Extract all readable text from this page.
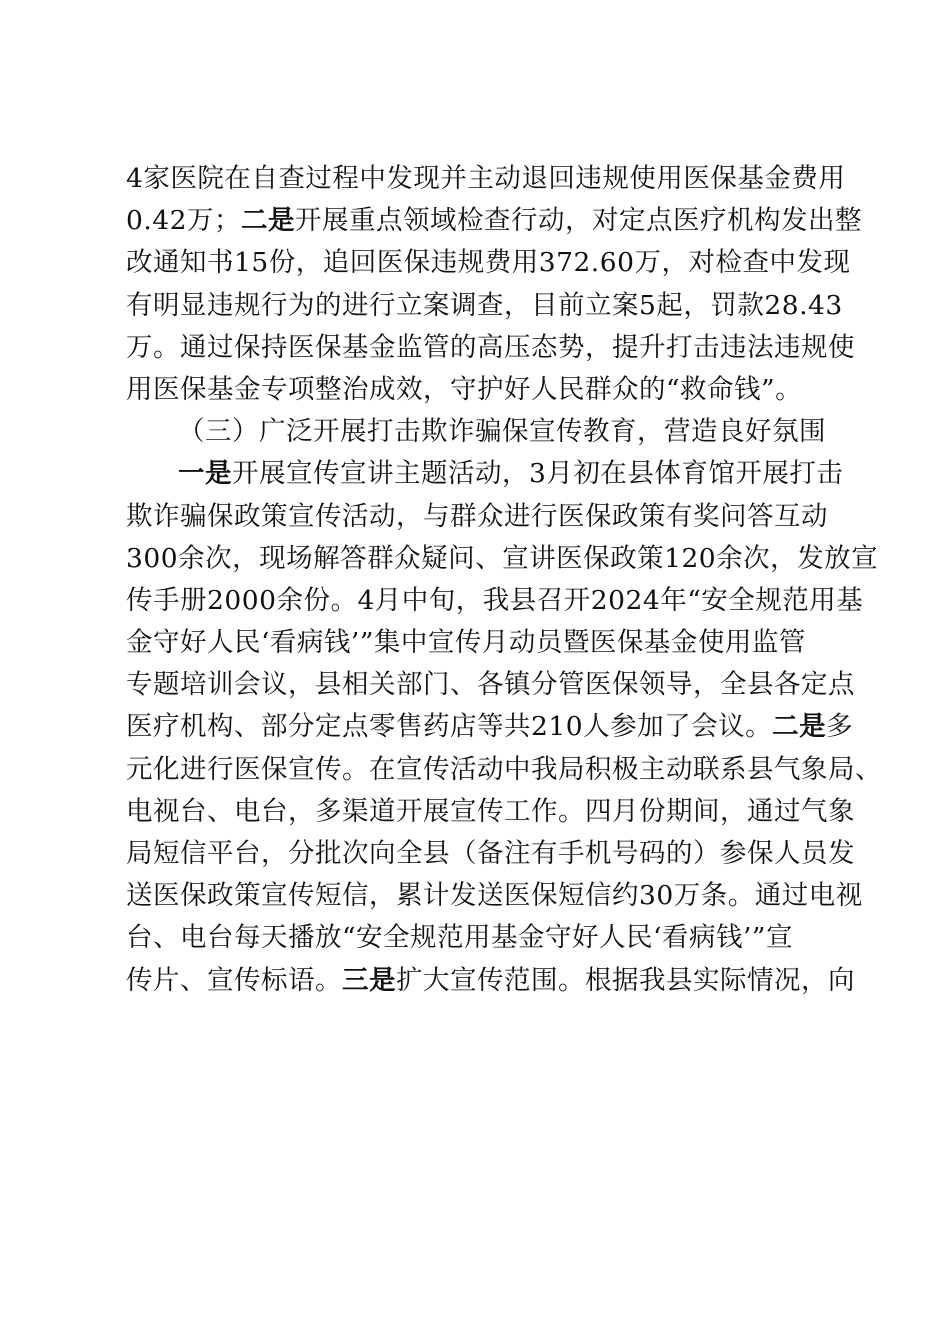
4家医院在自查过程中发现并主动退回违规使用医保基金费用
0.42万；二是开展重点领域检查行动，对定点医疗机构发出整
改通知书15份，追回医保违规费用372.60万，对检查中发现
有明显违规行为的进行立案调查，目前立案5起，罚款28.43
万。通过保持医保基金监管的高压态势，提升打击违法违规使
用医保基金专项整治成效，守护好人民群众的“救命钱”。
（三）广泛开展打击欺诈骗保宣传教育，营造良好氛围
一是开展宣传宣讲主题活动，3月初在县体育馆开展打击
欺诈骗保政策宣传活动，与群众进行医保政策有奖问答互动
300余次，现场解答群众疑问、宣讲医保政策120余次，发放宣
传手册2000余份。4月中旬，我县召开2024年“安全规范用基
金守好人民‘看病钱’”集中宣传月动员暨医保基金使用监管
专题培训会议，县相关部门、各镇分管医保领导，全县各定点
医疗机构、部分定点零售药店等共210人参加了会议。二是多
元化进行医保宣传。在宣传活动中我局积极主动联系县气象局、
电视台、电台，多渠道开展宣传工作。四月份期间，通过气象
局短信平台，分批次向全县（备注有手机号码的）参保人员发
送医保政策宣传短信，累计发送医保短信约30万条。通过电视
台、电台每天播放“安全规范用基金守好人民‘看病钱’”宣
传片、宣传标语。三是扩大宣传范围。根据我县实际情况，向
